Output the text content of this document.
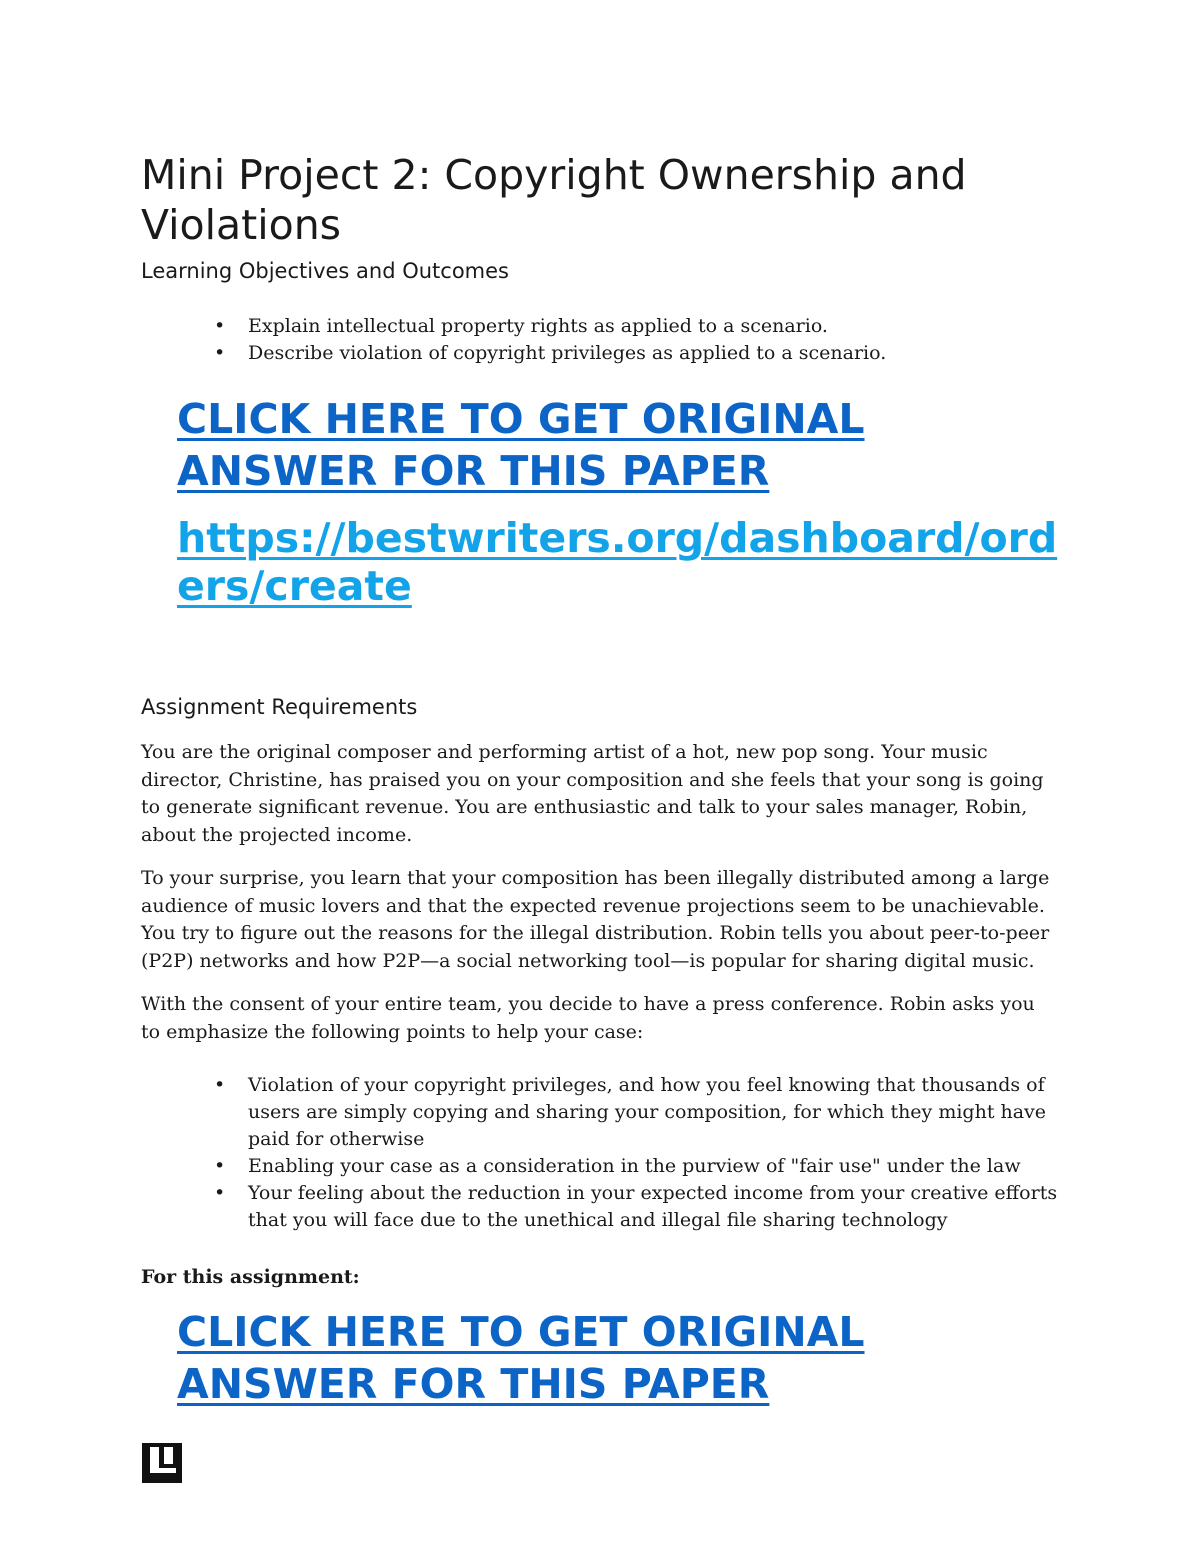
Mini Project 2: Copyright Ownership and Violations
Learning Objectives and Outcomes
• Explain intellectual property rights as applied to a scenario.
• Describe violation of copyright privileges as applied to a scenario.
CLICK HERE TO GET ORIGINAL ANSWER FOR THIS PAPER
https://bestwriters.org/dashboard/orders/create
Assignment Requirements

You are the original composer and performing artist of a hot, new pop song. Your music director, Christine, has praised you on your composition and she feels that your song is going to generate significant revenue. You are enthusiastic and talk to your sales manager, Robin, about the projected income.

To your surprise, you learn that your composition has been illegally distributed among a large audience of music lovers and that the expected revenue projections seem to be unachievable. You try to figure out the reasons for the illegal distribution. Robin tells you about peer-to-peer (P2P) networks and how P2P—a social networking tool—is popular for sharing digital music.

With the consent of your entire team, you decide to have a press conference. Robin asks you to emphasize the following points to help your case:

• Violation of your copyright privileges, and how you feel knowing that thousands of users are simply copying and sharing your composition, for which they might have paid for otherwise
• Enabling your case as a consideration in the purview of "fair use" under the law
• Your feeling about the reduction in your expected income from your creative efforts that you will face due to the unethical and illegal file sharing technology

For this assignment:

CLICK HERE TO GET ORIGINAL ANSWER FOR THIS PAPER
